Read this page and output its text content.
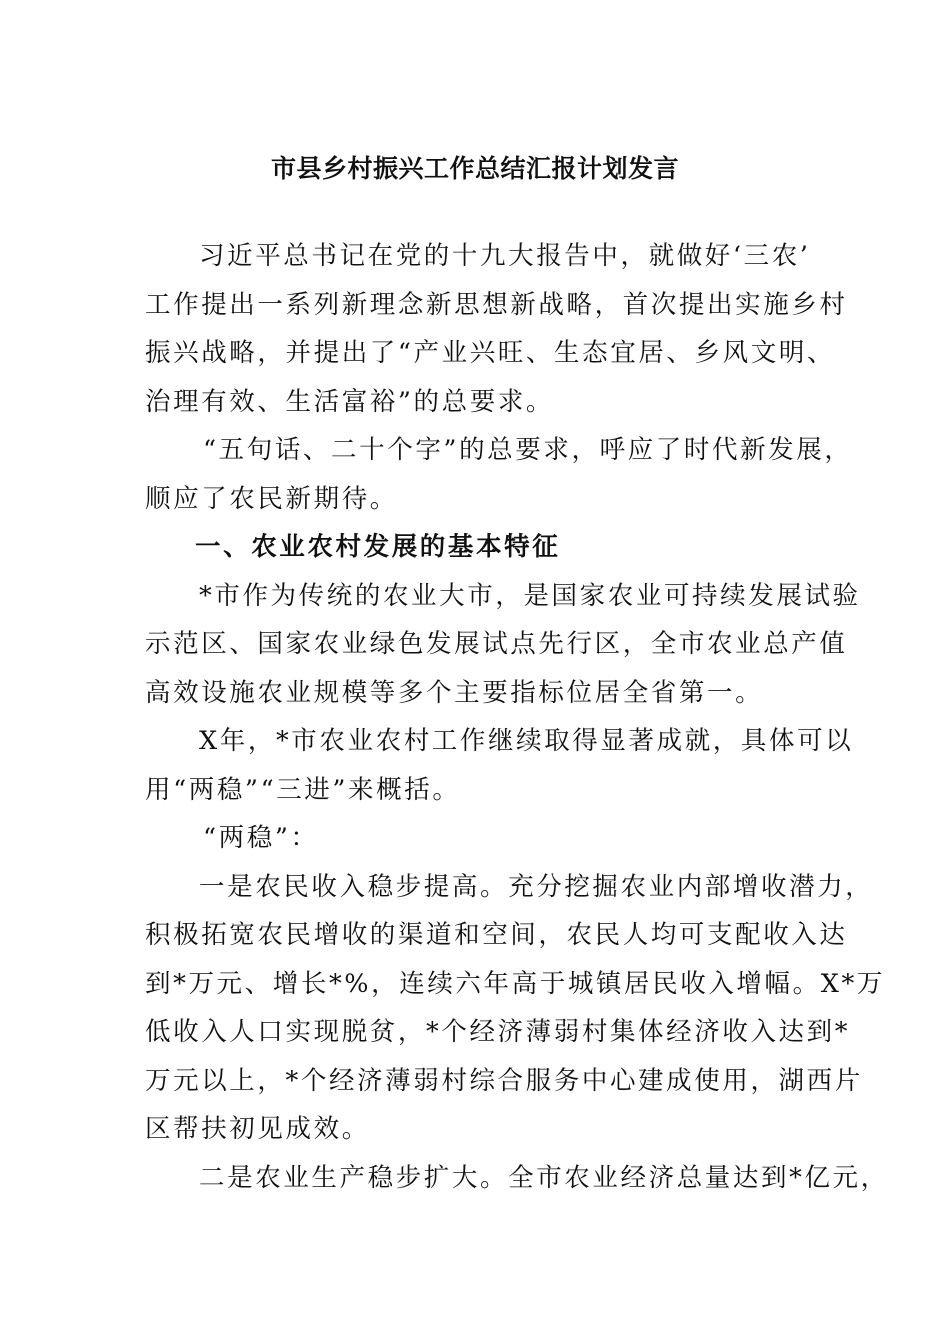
市县乡村振兴工作总结汇报计划发言

习近平总书记在党的十九大报告中，就做好‘三农’
工作提出一系列新理念新思想新战略，首次提出实施乡村
振兴战略，并提出了“产业兴旺、生态宜居、乡风文明、
治理有效、生活富裕”的总要求。

“五句话、二十个字”的总要求，呼应了时代新发展，
顺应了农民新期待。

一、农业农村发展的基本特征

*市作为传统的农业大市，是国家农业可持续发展试验
示范区、国家农业绿色发展试点先行区，全市农业总产值
高效设施农业规模等多个主要指标位居全省第一。

X年，*市农业农村工作继续取得显著成就，具体可以
用“两稳”“三进”来概括。

“两稳”：

一是农民收入稳步提高。充分挖掘农业内部增收潜力，
积极拓宽农民增收的渠道和空间，农民人均可支配收入达
到*万元、增长*%，连续六年高于城镇居民收入增幅。X*万
低收入人口实现脱贫，*个经济薄弱村集体经济收入达到*
万元以上，*个经济薄弱村综合服务中心建成使用，湖西片
区帮扶初见成效。

二是农业生产稳步扩大。全市农业经济总量达到*亿元，
